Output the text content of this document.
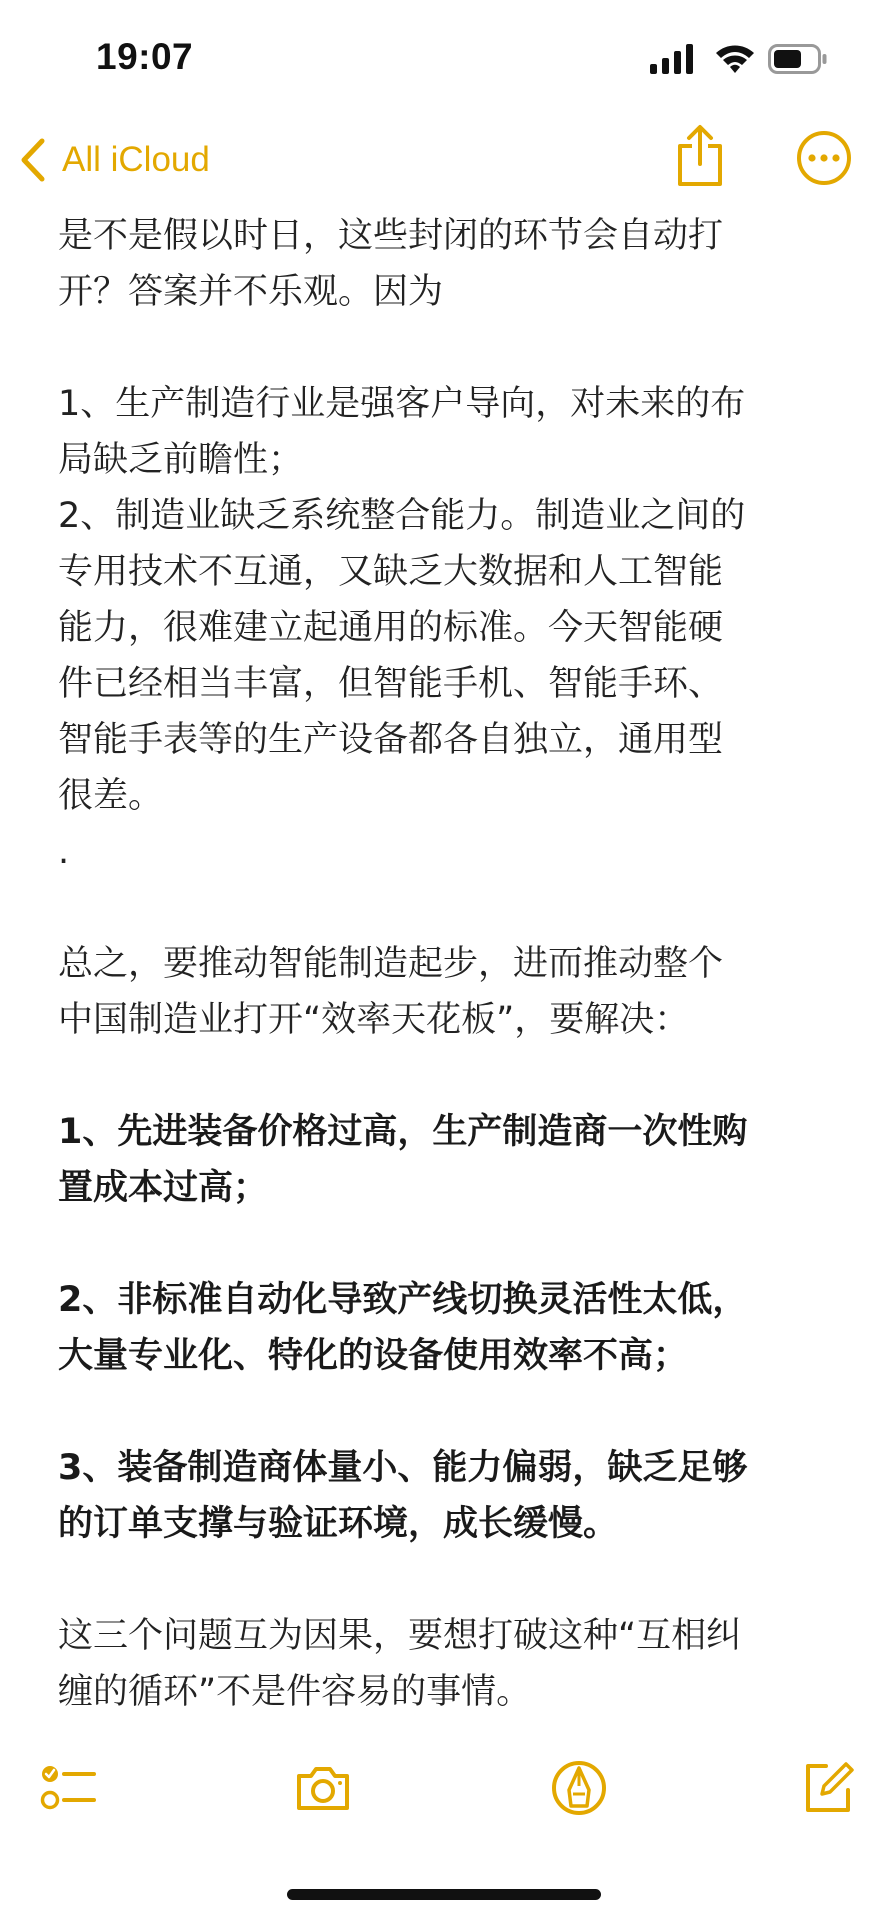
19:07
All iCloud
是不是假以时日，这些封闭的环节会自动打
开？答案并不乐观。因为
1、生产制造行业是强客户导向，对未来的布
局缺乏前瞻性；
2、制造业缺乏系统整合能力。制造业之间的
专用技术不互通，又缺乏大数据和人工智能
能力，很难建立起通用的标准。今天智能硬
件已经相当丰富，但智能手机、智能手环、
智能手表等的生产设备都各自独立，通用型
很差。
.
总之，要推动智能制造起步，进而推动整个
中国制造业打开“效率天花板”，要解决：
1、先进装备价格过高，生产制造商一次性购
置成本过高；
2、非标准自动化导致产线切换灵活性太低，
大量专业化、特化的设备使用效率不高；
3、装备制造商体量小、能力偏弱，缺乏足够
的订单支撑与验证环境，成长缓慢。
这三个问题互为因果，要想打破这种“互相纠
缠的循环”不是件容易的事情。
